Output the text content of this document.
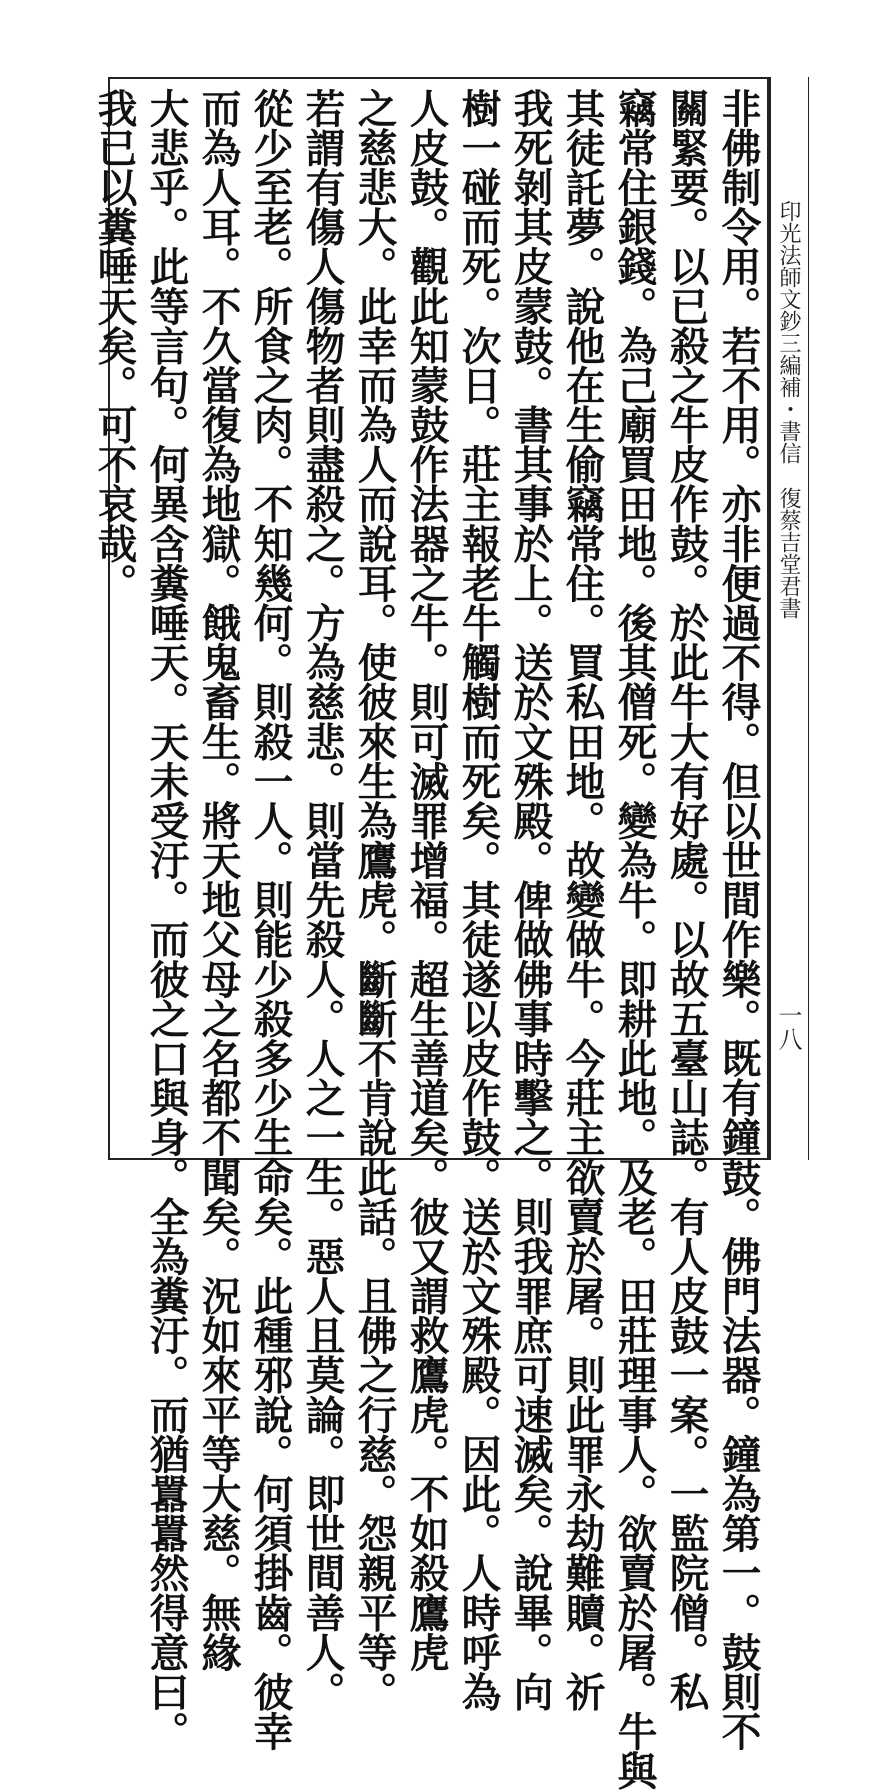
印光法師文鈔三編補・書信
復蔡吉堂君書
一八
非佛制令用。若不用。亦非便過不得。但以世間作樂。既有鐘鼓。佛門法器。鐘為第一。鼓則不
關緊要。以已殺之牛皮作鼓。於此牛大有好處。以故五臺山誌。有人皮鼓一案。一監院僧。私
竊常住銀錢。為己廟買田地。後其僧死。變為牛。即耕此地。及老。田莊理事人。欲賣於屠。牛與
其徒託夢。說他在生偷竊常住。買私田地。故變做牛。今莊主欲賣於屠。則此罪永劫難贖。祈
我死剝其皮蒙鼓。書其事於上。送於文殊殿。俾做佛事時擊之。則我罪庶可速滅矣。說畢。向
樹一碰而死。次日。莊主報老牛觸樹而死矣。其徒遂以皮作鼓。送於文殊殿。因此。人時呼為
人皮鼓。觀此知蒙鼓作法器之牛。則可滅罪增福。超生善道矣。彼又謂救鷹虎。不如殺鷹虎
之慈悲大。此幸而為人而說耳。使彼來生為鷹虎。斷斷不肯說此話。且佛之行慈。怨親平等。
若謂有傷人傷物者則盡殺之。方為慈悲。則當先殺人。人之一生。惡人且莫論。即世間善人。
從少至老。所食之肉。不知幾何。則殺一人。則能少殺多少生命矣。此種邪說。何須掛齒。彼幸
而為人耳。不久當復為地獄。餓鬼畜生。將天地父母之名都不聞矣。況如來平等大慈。無緣
大悲乎。此等言句。何異含糞唾天。天未受汙。而彼之口與身。全為糞汙。而猶囂囂然得意曰。
我已以糞唾天矣。可不哀哉。
